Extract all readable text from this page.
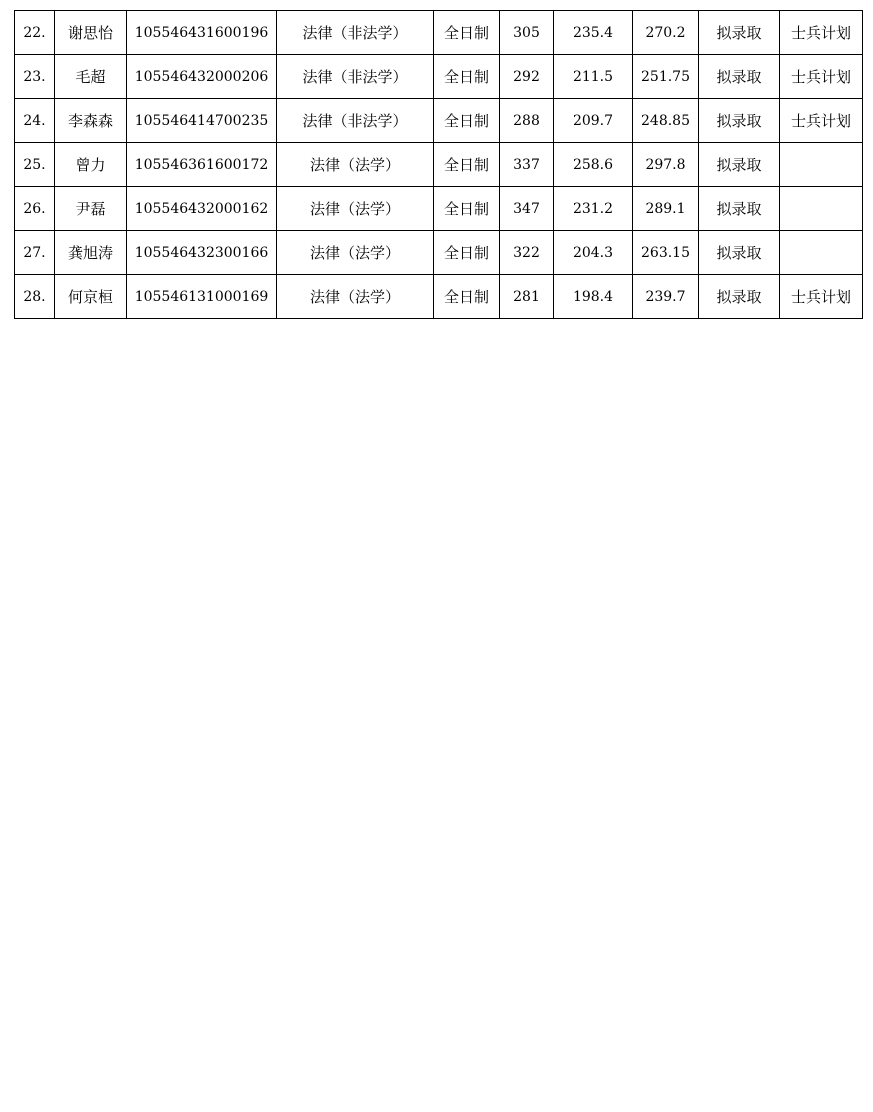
22.	谢思怡	105546431600196	法律（非法学）	全日制	305	235.4	270.2	拟录取	士兵计划
23.	毛超	105546432000206	法律（非法学）	全日制	292	211.5	251.75	拟录取	士兵计划
24.	李森森	105546414700235	法律（非法学）	全日制	288	209.7	248.85	拟录取	士兵计划
25.	曾力	105546361600172	法律（法学）	全日制	337	258.6	297.8	拟录取	
26.	尹磊	105546432000162	法律（法学）	全日制	347	231.2	289.1	拟录取	
27.	龚旭涛	105546432300166	法律（法学）	全日制	322	204.3	263.15	拟录取	
28.	何京桓	105546131000169	法律（法学）	全日制	281	198.4	239.7	拟录取	士兵计划
